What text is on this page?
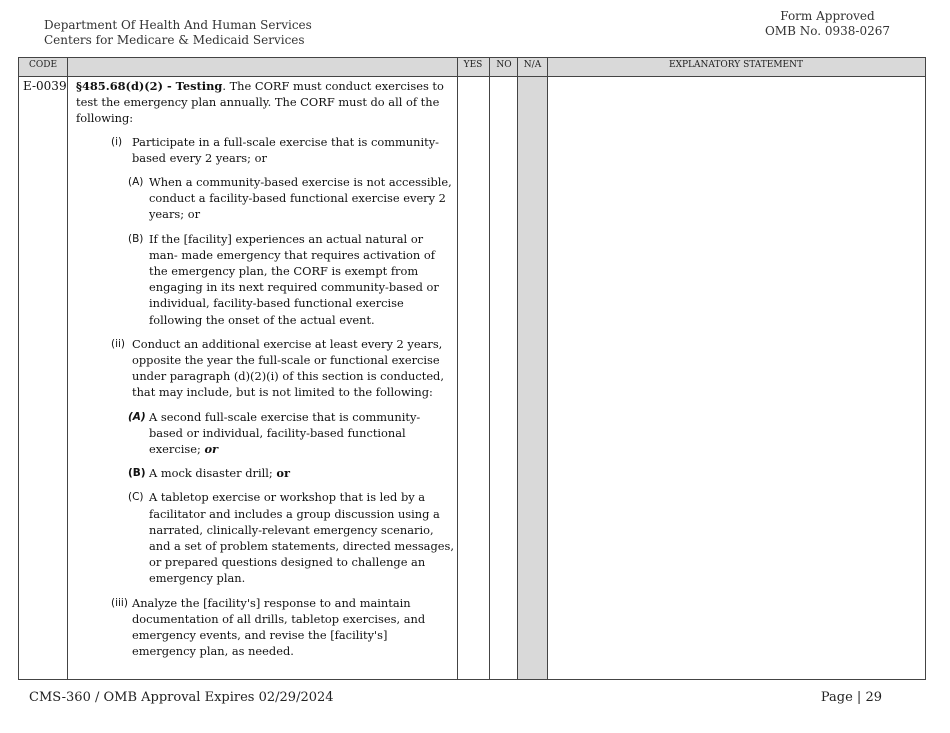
Department Of Health And Human Services
Centers for Medicare & Medicaid Services
Form Approved
OMB No. 0938-0267
CODE	YES	NO	N/A	EXPLANATORY STATEMENT
E-0039 §485.68(d)(2) - Testing. The CORF must conduct exercises to test the emergency plan annually. The CORF must do all of the following:

(i) Participate in a full-scale exercise that is community-based every 2 years; or
(A) When a community-based exercise is not accessible, conduct a facility-based functional exercise every 2 years; or
(B) If the [facility] experiences an actual natural or man- made emergency that requires activation of the emergency plan, the CORF is exempt from engaging in its next required community-based or individual, facility-based functional exercise following the onset of the actual event.
(ii) Conduct an additional exercise at least every 2 years, opposite the year the full-scale or functional exercise under paragraph (d)(2)(i) of this section is conducted, that may include, but is not limited to the following:
(A) A second full-scale exercise that is community-based or individual, facility-based functional exercise; or
(B) A mock disaster drill; or
(C) A tabletop exercise or workshop that is led by a facilitator and includes a group discussion using a narrated, clinically-relevant emergency scenario, and a set of problem statements, directed messages, or prepared questions designed to challenge an emergency plan.
(iii) Analyze the [facility's] response to and maintain documentation of all drills, tabletop exercises, and emergency events, and revise the [facility's] emergency plan, as needed.
CMS-360 / OMB Approval Expires 02/29/2024	Page | 29
